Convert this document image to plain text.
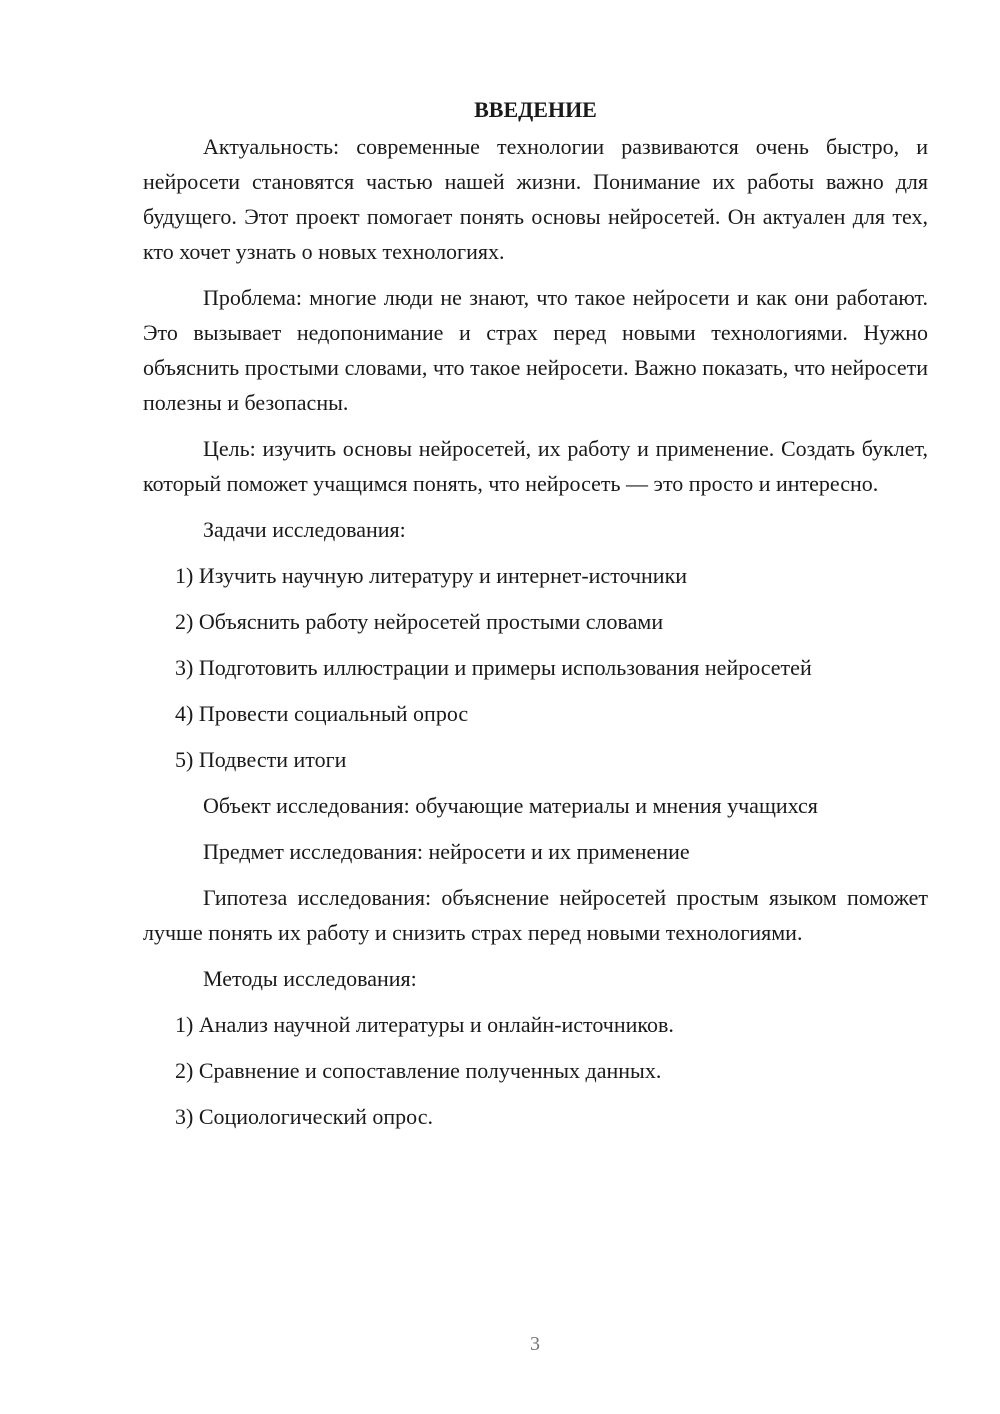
ВВЕДЕНИЕ

Актуальность: современные технологии развиваются очень быстро, и нейросети становятся частью нашей жизни. Понимание их работы важно для будущего. Этот проект помогает понять основы нейросетей. Он актуален для тех, кто хочет узнать о новых технологиях.

Проблема: многие люди не знают, что такое нейросети и как они работают. Это вызывает недопонимание и страх перед новыми технологиями. Нужно объяснить простыми словами, что такое нейросети. Важно показать, что нейросети полезны и безопасны.

Цель: изучить основы нейросетей, их работу и применение. Создать буклет, который поможет учащимся понять, что нейросеть — это просто и интересно.

Задачи исследования:

1) Изучить научную литературу и интернет-источники
2) Объяснить работу нейросетей простыми словами
3) Подготовить иллюстрации и примеры использования нейросетей
4) Провести социальный опрос
5) Подвести итоги

Объект исследования: обучающие материалы и мнения учащихся

Предмет исследования: нейросети и их применение

Гипотеза исследования: объяснение нейросетей простым языком поможет лучше понять их работу и снизить страх перед новыми технологиями.

Методы исследования:

1) Анализ научной литературы и онлайн-источников.
2) Сравнение и сопоставление полученных данных.
3) Социологический опрос.
3
